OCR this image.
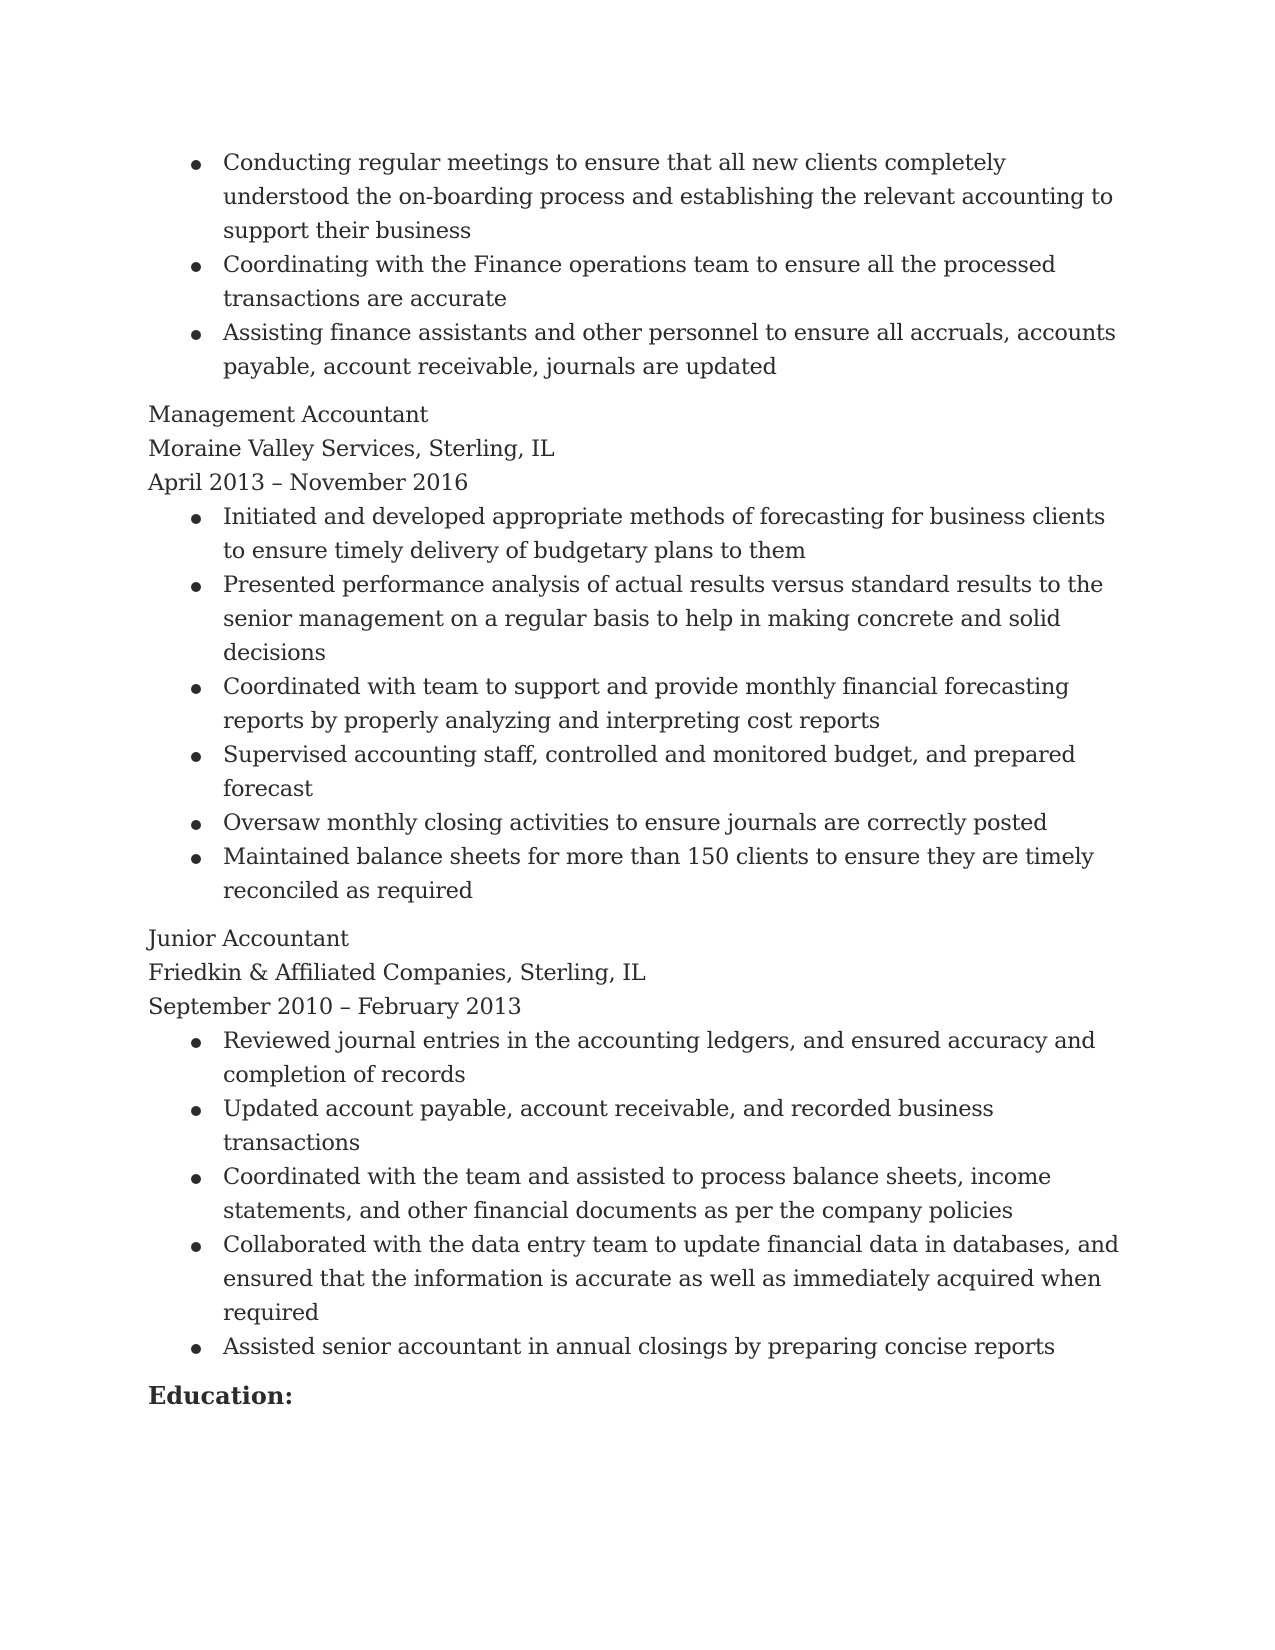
Conducting regular meetings to ensure that all new clients completely understood the on-boarding process and establishing the relevant accounting to support their business
Coordinating with the Finance operations team to ensure all the processed transactions are accurate
Assisting finance assistants and other personnel to ensure all accruals, accounts payable, account receivable, journals are updated
Management Accountant
Moraine Valley Services, Sterling, IL
April 2013 – November 2016
Initiated and developed appropriate methods of forecasting for business clients to ensure timely delivery of budgetary plans to them
Presented performance analysis of actual results versus standard results to the senior management on a regular basis to help in making concrete and solid decisions
Coordinated with team to support and provide monthly financial forecasting reports by properly analyzing and interpreting cost reports
Supervised accounting staff, controlled and monitored budget, and prepared forecast
Oversaw monthly closing activities to ensure journals are correctly posted
Maintained balance sheets for more than 150 clients to ensure they are timely reconciled as required
Junior Accountant
Friedkin & Affiliated Companies, Sterling, IL
September 2010 – February 2013
Reviewed journal entries in the accounting ledgers, and ensured accuracy and completion of records
Updated account payable, account receivable, and recorded business transactions
Coordinated with the team and assisted to process balance sheets, income statements, and other financial documents as per the company policies
Collaborated with the data entry team to update financial data in databases, and ensured that the information is accurate as well as immediately acquired when required
Assisted senior accountant in annual closings by preparing concise reports
Education:
